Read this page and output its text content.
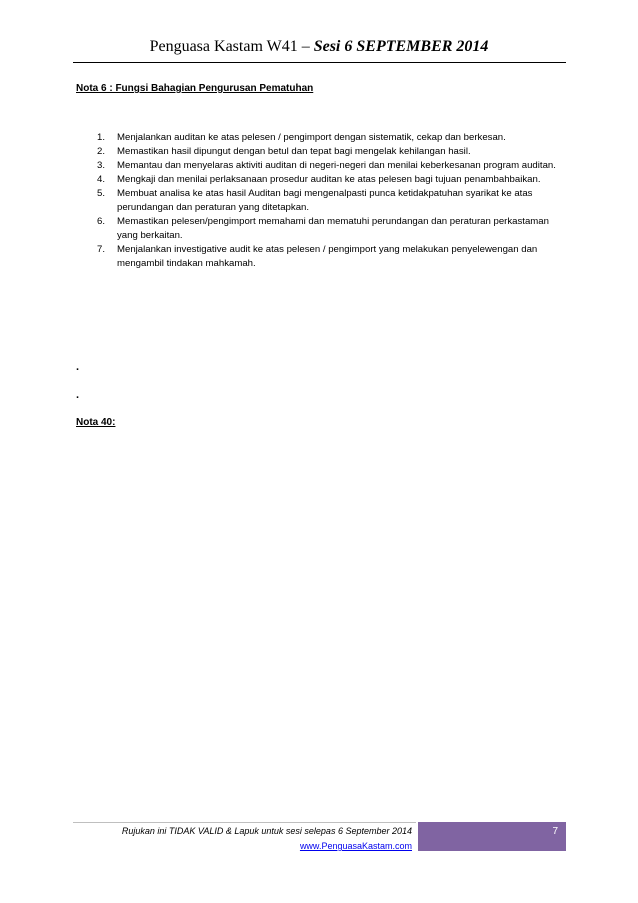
Penguasa Kastam W41 – Sesi 6 SEPTEMBER 2014
Nota 6 : Fungsi Bahagian Pengurusan Pematuhan
1. Menjalankan auditan ke atas pelesen / pengimport dengan sistematik, cekap dan berkesan.
2. Memastikan hasil dipungut dengan betul dan tepat bagi mengelak kehilangan hasil.
3. Memantau dan menyelaras aktiviti auditan di negeri-negeri dan menilai keberkesanan program auditan.
4. Mengkaji dan menilai perlaksanaan prosedur auditan ke atas pelesen bagi tujuan penambahbaikan.
5. Membuat analisa ke atas hasil Auditan bagi mengenalpasti punca ketidakpatuhan syarikat ke atas perundangan dan peraturan yang ditetapkan.
6. Memastikan pelesen/pengimport memahami dan mematuhi perundangan dan peraturan perkastaman yang berkaitan.
7. Menjalankan investigative audit ke atas pelesen / pengimport yang melakukan penyelewengan dan mengambil tindakan mahkamah.
.
.
Nota 40:
Rujukan ini TIDAK VALID & Lapuk untuk sesi selepas 6 September 2014
www.PenguasaKastam.com
7
